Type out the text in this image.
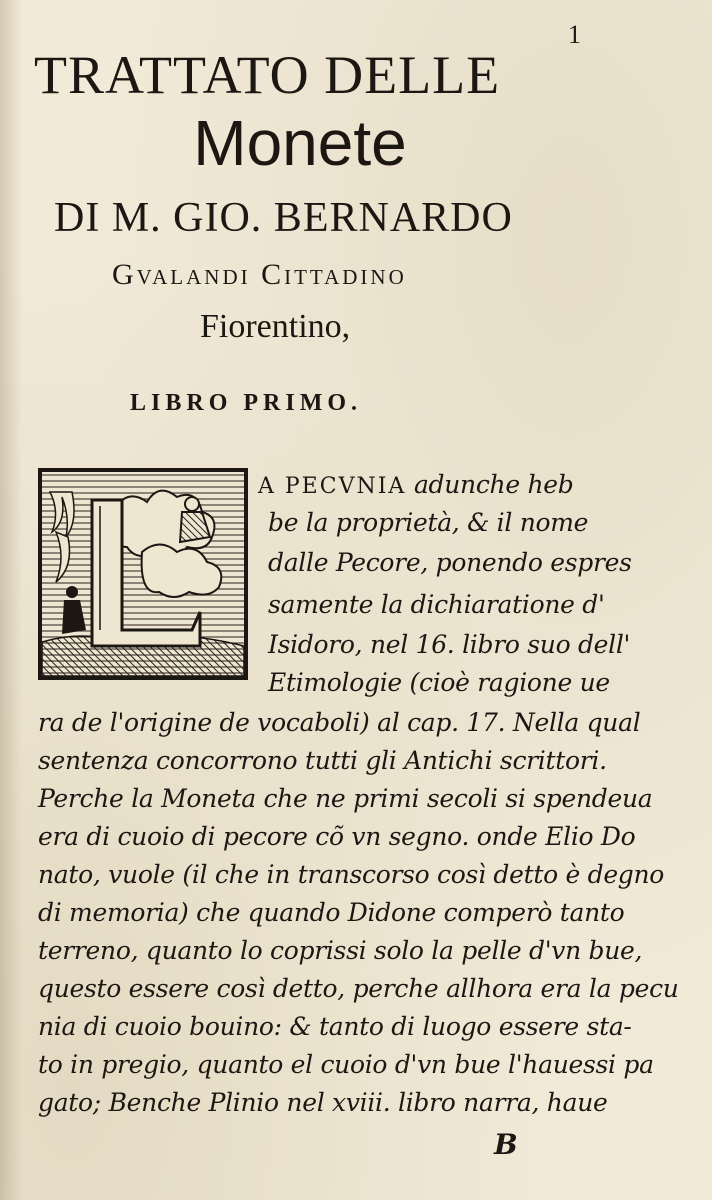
1
TRATTATO DELLE
Monete
DI M. GIO. BERNARDO
Gvalandi Cittadino
Fiorentino,
LIBRO PRIMO.
A PECVNIA adunche heb
be la proprietà, & il nome
dalle Pecore, ponendo espres
samente la dichiaratione d'
Isidoro, nel 16. libro suo dell'
Etimologie (cioè ragione ue
ra de l'origine de vocaboli) al cap. 17. Nella qual
sentenza concorrono tutti gli Antichi scrittori.
Perche la Moneta che ne primi secoli si spendeua
era di cuoio di pecore cõ vn segno. onde Elio Do
nato, vuole (il che in transcorso così detto è degno
di memoria) che quando Didone comperò tanto
terreno, quanto lo coprissi solo la pelle d'vn bue,
questo essere così detto, perche allhora era la pecu
nia di cuoio bouino: & tanto di luogo essere sta-
to in pregio, quanto el cuoio d'vn bue l'hauessi pa
gato; Benche Plinio nel xviii. libro narra, haue
B
